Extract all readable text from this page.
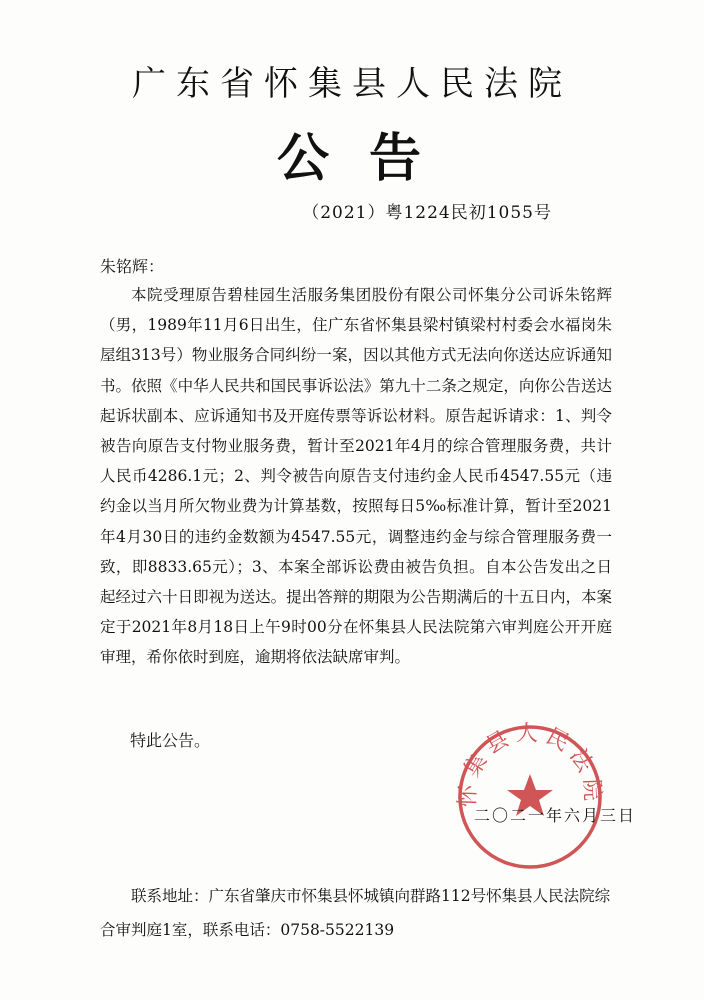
广东省怀集县人民法院
公告
（2021）粤1224民初1055号
朱铭辉：

本院受理原告碧桂园生活服务集团股份有限公司怀集分公司诉朱铭辉（男，1989年11月6日出生，住广东省怀集县梁村镇梁村村委会水福岗朱屋组313号）物业服务合同纠纷一案，因以其他方式无法向你送达应诉通知书。依照《中华人民共和国民事诉讼法》第九十二条之规定，向你公告送达起诉状副本、应诉通知书及开庭传票等诉讼材料。原告起诉请求：1、判令被告向原告支付物业服务费，暂计至2021年4月的综合管理服务费，共计人民币4286.1元；2、判令被告向原告支付违约金人民币4547.55元（违约金以当月所欠物业费为计算基数，按照每日5‰标准计算，暂计至2021年4月30日的违约金数额为4547.55元，调整违约金与综合管理服务费一致，即8833.65元）；3、本案全部诉讼费由被告负担。自本公告发出之日起经过六十日即视为送达。提出答辩的期限为公告期满后的十五日内，本案定于2021年8月18日上午9时00分在怀集县人民法院第六审判庭公开开庭审理，希你依时到庭，逾期将依法缺席审判。

特此公告。
怀集县人民法院
二〇二一年六月三日

联系地址：广东省肇庆市怀集县怀城镇向群路112号怀集县人民法院综合审判庭1室，联系电话：0758-5522139
